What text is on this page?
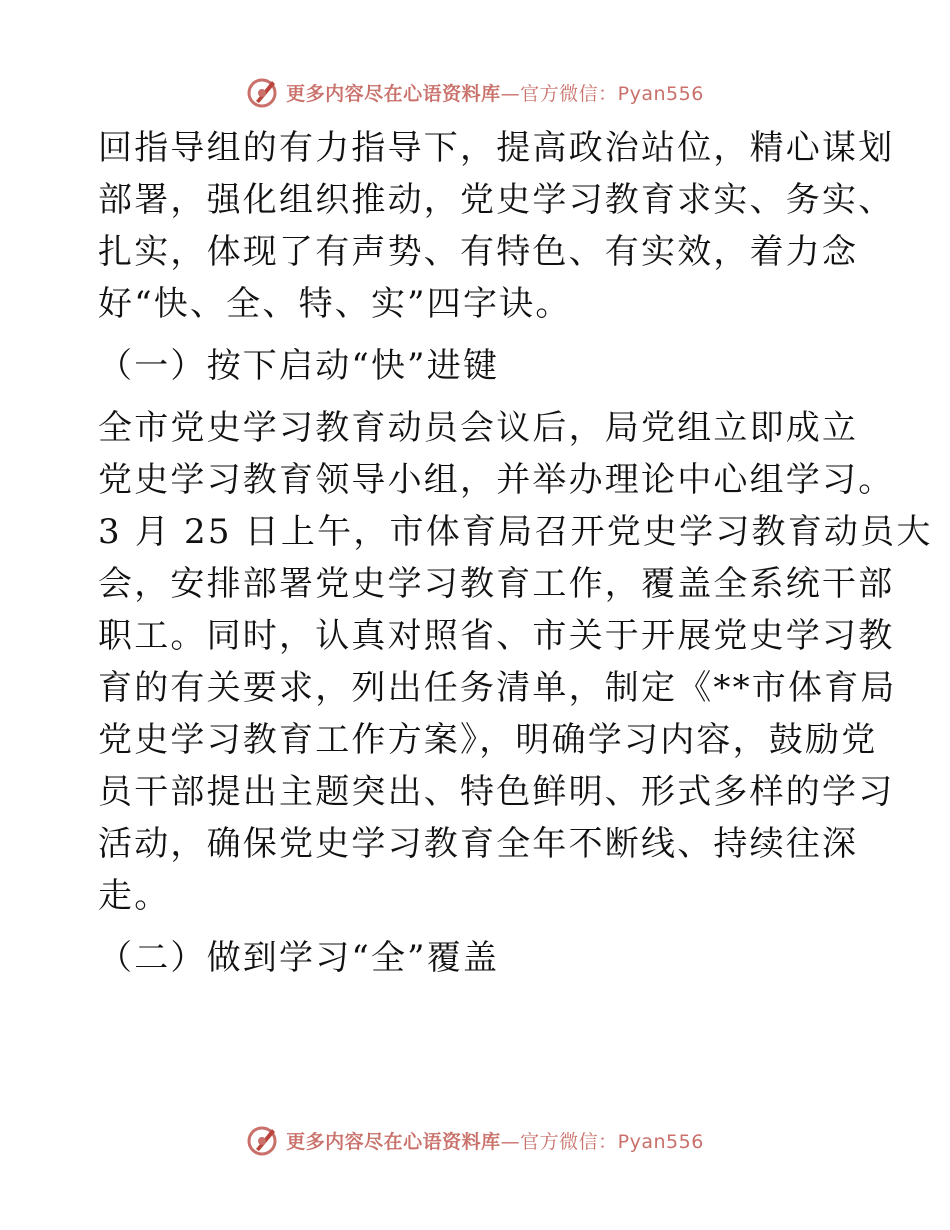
更多内容尽在心语资料库 —官方微信：Pyan556
回指导组的有力指导下，提高政治站位，精心谋划
部署，强化组织推动，党史学习教育求实、务实、
扎实，体现了有声势、有特色、有实效，着力念
好“快、全、特、实”四字诀。
（一）按下启动“快”进键
全市党史学习教育动员会议后，局党组立即成立
党史学习教育领导小组，并举办理论中心组学习。
3 月 25 日上午，市体育局召开党史学习教育动员大
会，安排部署党史学习教育工作，覆盖全系统干部
职工。同时，认真对照省、市关于开展党史学习教
育的有关要求，列出任务清单，制定《**市体育局
党史学习教育工作方案》，明确学习内容，鼓励党
员干部提出主题突出、特色鲜明、形式多样的学习
活动，确保党史学习教育全年不断线、持续往深
走。
（二）做到学习“全”覆盖
更多内容尽在心语资料库 —官方微信：Pyan556
